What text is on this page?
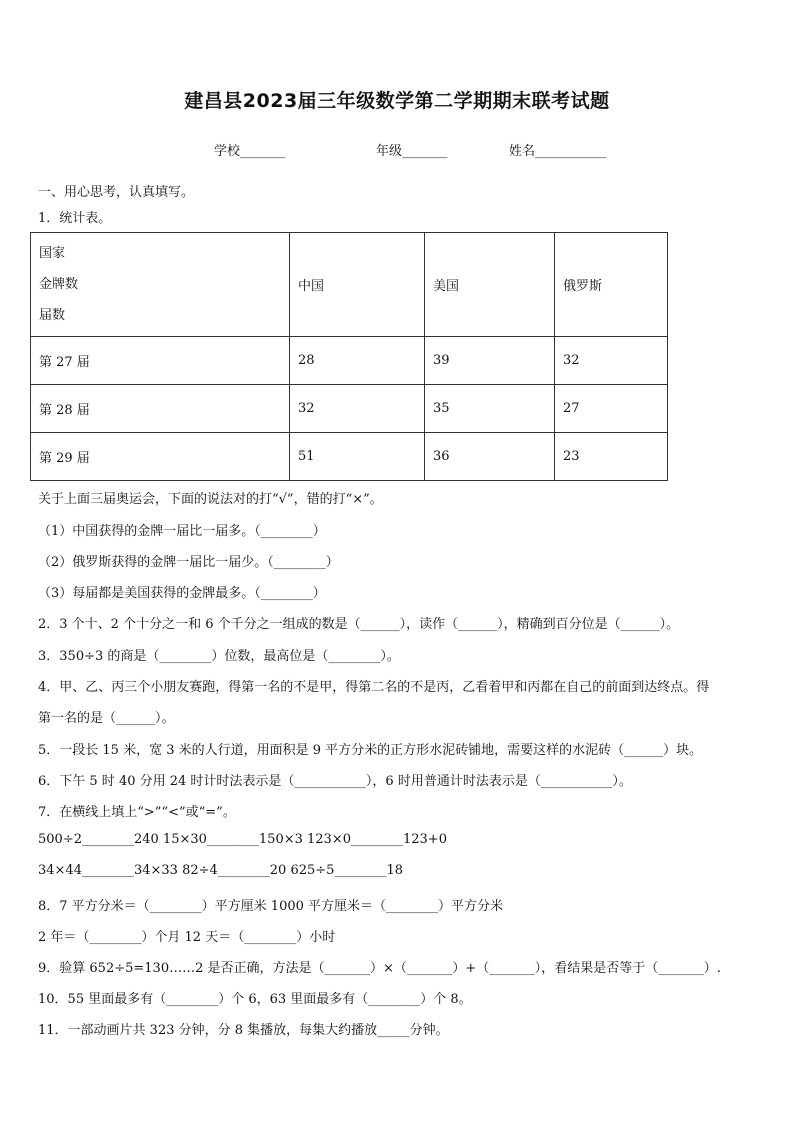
建昌县2023届三年级数学第二学期期末联考试题
学校_______	年级_______	姓名___________
一、用心思考，认真填写。
1．统计表。
国家
金牌数
届数	中国	美国	俄罗斯
第 27 届	28	39	32
第 28 届	32	35	27
第 29 届	51	36	23
关于上面三届奥运会，下面的说法对的打“√”，错的打“×”。
（1）中国获得的金牌一届比一届多。（________）
（2）俄罗斯获得的金牌一届比一届少。（________）
（3）每届都是美国获得的金牌最多。（________）
2．3 个十、2 个十分之一和 6 个千分之一组成的数是（______），读作（______），精确到百分位是（______）。
3．350÷3 的商是（________）位数，最高位是（________）。
4．甲、乙、丙三个小朋友赛跑，得第一名的不是甲，得第二名的不是丙，乙看着甲和丙都在自己的前面到达终点。得
第一名的是（______）。
5．一段长 15 米，宽 3 米的人行道，用面积是 9 平方分米的正方形水泥砖铺地，需要这样的水泥砖（______）块。
6．下午 5 时 40 分用 24 时计时法表示是（___________），6 时用普通计时法表示是（___________）。
7．在横线上填上“>”“<”或“=”。
500÷2________240 15×30________150×3 123×0________123+0
34×44________34×33 82÷4________20 625÷5________18
8．7 平方分米＝（________）平方厘米 1000 平方厘米＝（________）平方分米
2 年＝（________）个月 12 天＝（________）小时
9．验算 652÷5=130……2 是否正确，方法是（_______）×（_______）+（_______），看结果是否等于（_______）.
10．55 里面最多有（________）个 6，63 里面最多有（________）个 8。
11．一部动画片共 323 分钟，分 8 集播放，每集大约播放_____分钟。
